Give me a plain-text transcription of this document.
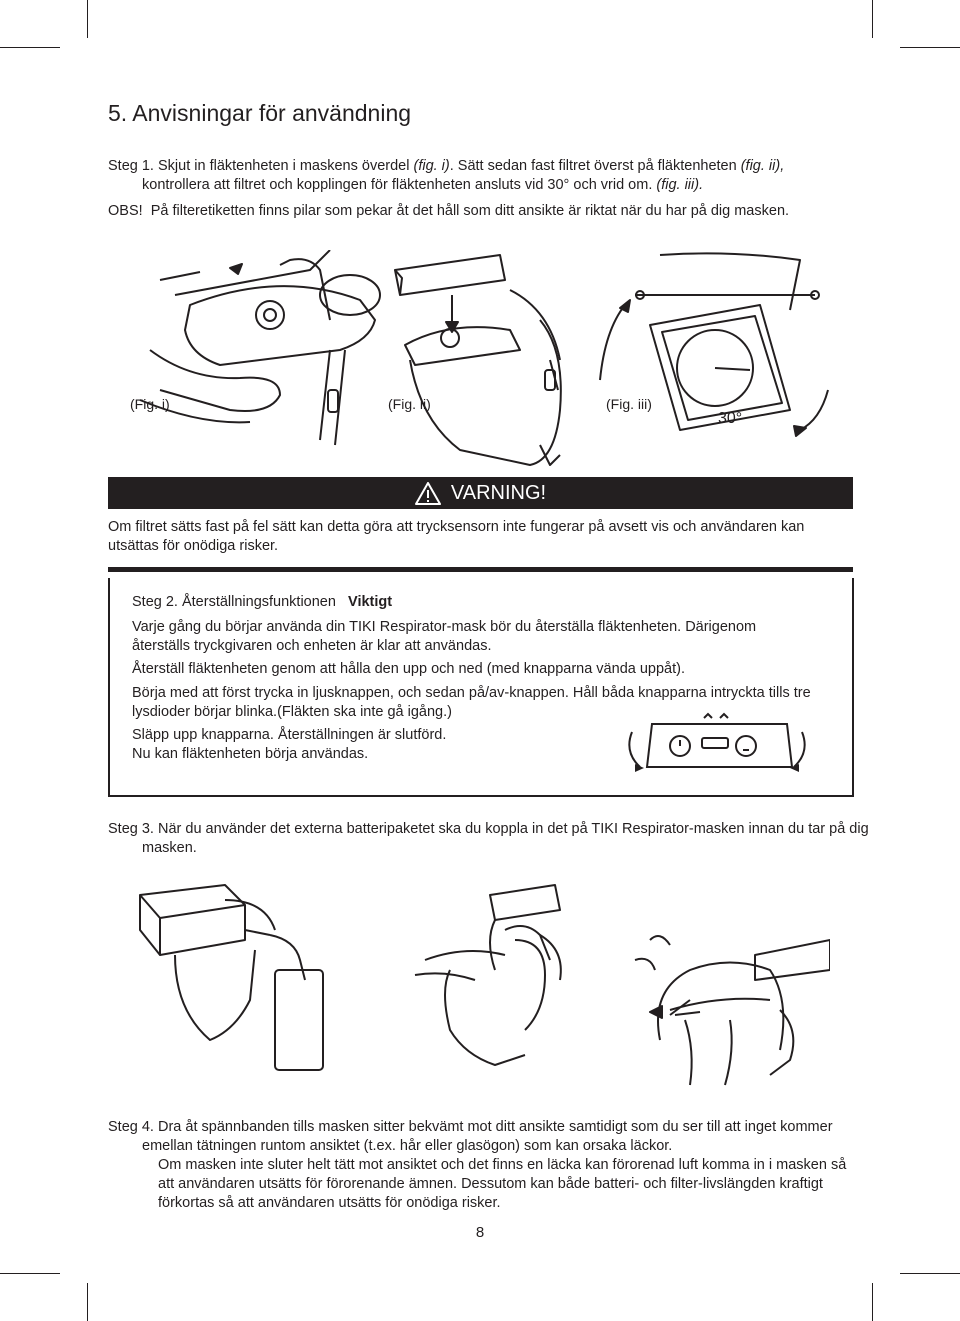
5. Anvisningar för användning
Steg 1. Skjut in fläktenheten i maskens överdel (fig. i). Sätt sedan fast filtret överst på fläktenheten (fig. ii),
kontrollera att filtret och kopplingen för fläktenheten ansluts vid 30° och vrid om. (fig. iii).
OBS! På filteretiketten finns pilar som pekar åt det håll som ditt ansikte är riktat när du har på dig masken.
(Fig. i)	(Fig. ii)	(Fig. iii)
30°
VARNING!
Om filtret sätts fast på fel sätt kan detta göra att trycksensorn inte fungerar på avsett vis och användaren kan utsättas för onödiga risker.

Steg 2. Återställningsfunktionen Viktigt

Varje gång du börjar använda din TIKI Respirator-mask bör du återställa fläktenheten. Därigenom återställs tryckgivaren och enheten är klar att användas.

Återställ fläktenheten genom att hålla den upp och ned (med knapparna vända uppåt).

Börja med att först trycka in ljusknappen, och sedan på/av-knappen. Håll båda knapparna intryckta tills tre lysdioder börjar blinka.(Fläkten ska inte gå igång.)

Släpp upp knapparna. Återställningen är slutförd.

Nu kan fläktenheten börja användas.

Steg 3. När du använder det externa batteripaketet ska du koppla in det på TIKI Respirator-masken innan du tar på dig masken.
Steg 4. Dra åt spännbanden tills masken sitter bekvämt mot ditt ansikte samtidigt som du ser till att inget kommer emellan tätningen runtom ansiktet (t.ex. hår eller glasögon) som kan orsaka läckor.
Om masken inte sluter helt tätt mot ansiktet och det finns en läcka kan förorenad luft komma in i masken så att användaren utsätts för förorenande ämnen. Dessutom kan både batteri- och filter-livslängden kraftigt förkortas så att användaren utsätts för onödiga risker.
8
